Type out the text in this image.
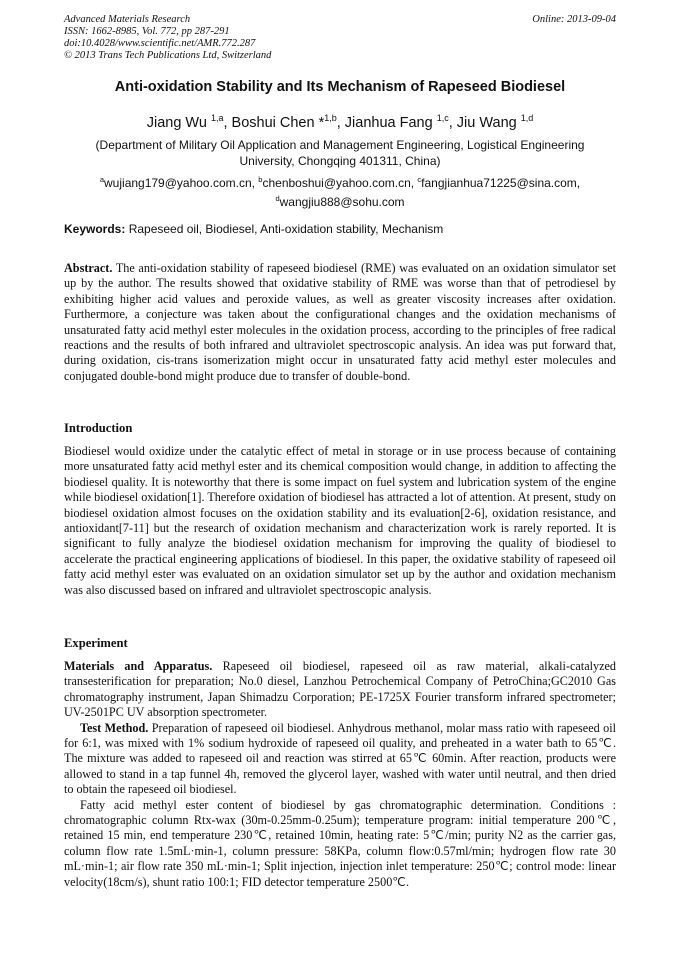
Advanced Materials Research
ISSN: 1662-8985, Vol. 772, pp 287-291
doi:10.4028/www.scientific.net/AMR.772.287
© 2013 Trans Tech Publications Ltd, Switzerland
Online: 2013-09-04
Anti-oxidation Stability and Its Mechanism of Rapeseed Biodiesel
Jiang Wu $^{1,a}$, Boshui Chen *$^{1,b}$, Jianhua Fang $^{1,c}$, Jiu Wang $^{1,d}$
(Department of Military Oil Application and Management Engineering, Logistical Engineering University, Chongqing 401311, China)
$^a$wujiang179@yahoo.com.cn, $^b$chenboshui@yahoo.com.cn, $^c$fangjianhua71225@sina.com,
$^d$wangjiu888@sohu.com
Keywords: Rapeseed oil, Biodiesel, Anti-oxidation stability, Mechanism
Abstract. The anti-oxidation stability of rapeseed biodiesel (RME) was evaluated on an oxidation simulator set up by the author. The results showed that oxidative stability of RME was worse than that of petrodiesel by exhibiting higher acid values and peroxide values, as well as greater viscosity increases after oxidation. Furthermore, a conjecture was taken about the configurational changes and the oxidation mechanisms of unsaturated fatty acid methyl ester molecules in the oxidation process, according to the principles of free radical reactions and the results of both infrared and ultraviolet spectroscopic analysis. An idea was put forward that, during oxidation, cis-trans isomerization might occur in unsaturated fatty acid methyl ester molecules and conjugated double-bond might produce due to transfer of double-bond.
Introduction
Biodiesel would oxidize under the catalytic effect of metal in storage or in use process because of containing more unsaturated fatty acid methyl ester and its chemical composition would change, in addition to affecting the biodiesel quality. It is noteworthy that there is some impact on fuel system and lubrication system of the engine while biodiesel oxidation[1]. Therefore oxidation of biodiesel has attracted a lot of attention. At present, study on biodiesel oxidation almost focuses on the oxidation stability and its evaluation[2-6], oxidation resistance, and antioxidant[7-11] but the research of oxidation mechanism and characterization work is rarely reported. It is significant to fully analyze the biodiesel oxidation mechanism for improving the quality of biodiesel to accelerate the practical engineering applications of biodiesel. In this paper, the oxidative stability of rapeseed oil fatty acid methyl ester was evaluated on an oxidation simulator set up by the author and oxidation mechanism was also discussed based on infrared and ultraviolet spectroscopic analysis.
Experiment
Materials and Apparatus. Rapeseed oil biodiesel, rapeseed oil as raw material, alkali-catalyzed transesterification for preparation; No.0 diesel, Lanzhou Petrochemical Company of PetroChina;GC2010 Gas chromatography instrument, Japan Shimadzu Corporation; PE-1725X Fourier transform infrared spectrometer; UV-2501PC UV absorption spectrometer.
Test Method. Preparation of rapeseed oil biodiesel. Anhydrous methanol, molar mass ratio with rapeseed oil for 6:1, was mixed with 1% sodium hydroxide of rapeseed oil quality, and preheated in a water bath to 65℃. The mixture was added to rapeseed oil and reaction was stirred at 65℃ 60min. After reaction, products were allowed to stand in a tap funnel 4h, removed the glycerol layer, washed with water until neutral, and then dried to obtain the rapeseed oil biodiesel.
Fatty acid methyl ester content of biodiesel by gas chromatographic determination. Conditions : chromatographic column Rtx-wax (30m-0.25mm-0.25um); temperature program: initial temperature 200℃, retained 15 min, end temperature 230℃, retained 10min, heating rate: 5℃/min; purity N2 as the carrier gas, column flow rate 1.5mL·min-1, column pressure: 58KPa, column flow:0.57ml/min; hydrogen flow rate 30 mL·min-1; air flow rate 350 mL·min-1; Split injection, injection inlet temperature: 250℃; control mode: linear velocity(18cm/s), shunt ratio 100:1; FID detector temperature 2500℃.
